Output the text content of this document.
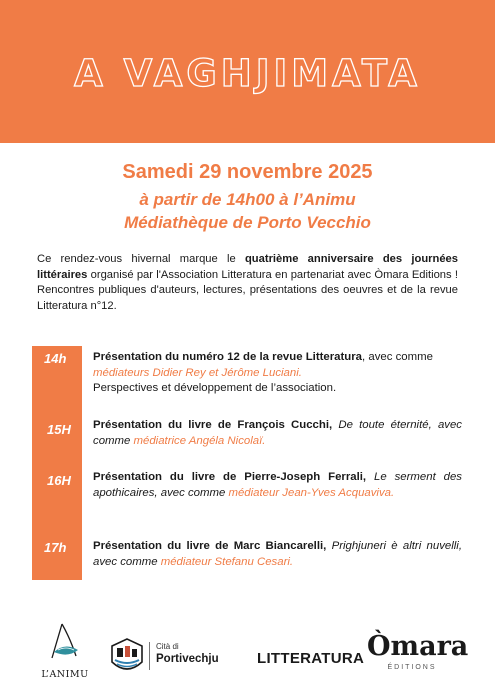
A VAGHJIMATA
Samedi 29 novembre 2025
à partir de 14h00 à l’Animu
Médiathèque de Porto Vecchio

Ce rendez-vous hivernal marque le quatrième anniversaire des journées littéraires organisé par l'Association Litteratura en partenariat avec Òmara Editions ! Rencontres publiques d'auteurs, lectures, présentations des oeuvres et de la revue Litteratura n°12.

14h
15H
16H
17h

Présentation du numéro 12 de la revue Litteratura, avec comme médiateurs Didier Rey et Jérôme Luciani.
Perspectives et développement de l’association.

Présentation du livre de François Cucchi, De toute éternité, avec comme médiatrice Angéla Nicolaï.

Présentation du livre de Pierre-Joseph Ferrali, Le serment des apothicaires, avec comme médiateur Jean-Yves Acquaviva.

Présentation du livre de Marc Biancarelli, Prighjuneri è altri nuvelli, avec comme médiateur Stefanu Cesari.

L’ANIMU
Cità di
Portivechju	LITTERATURA Òmara
ÉDITIONS
